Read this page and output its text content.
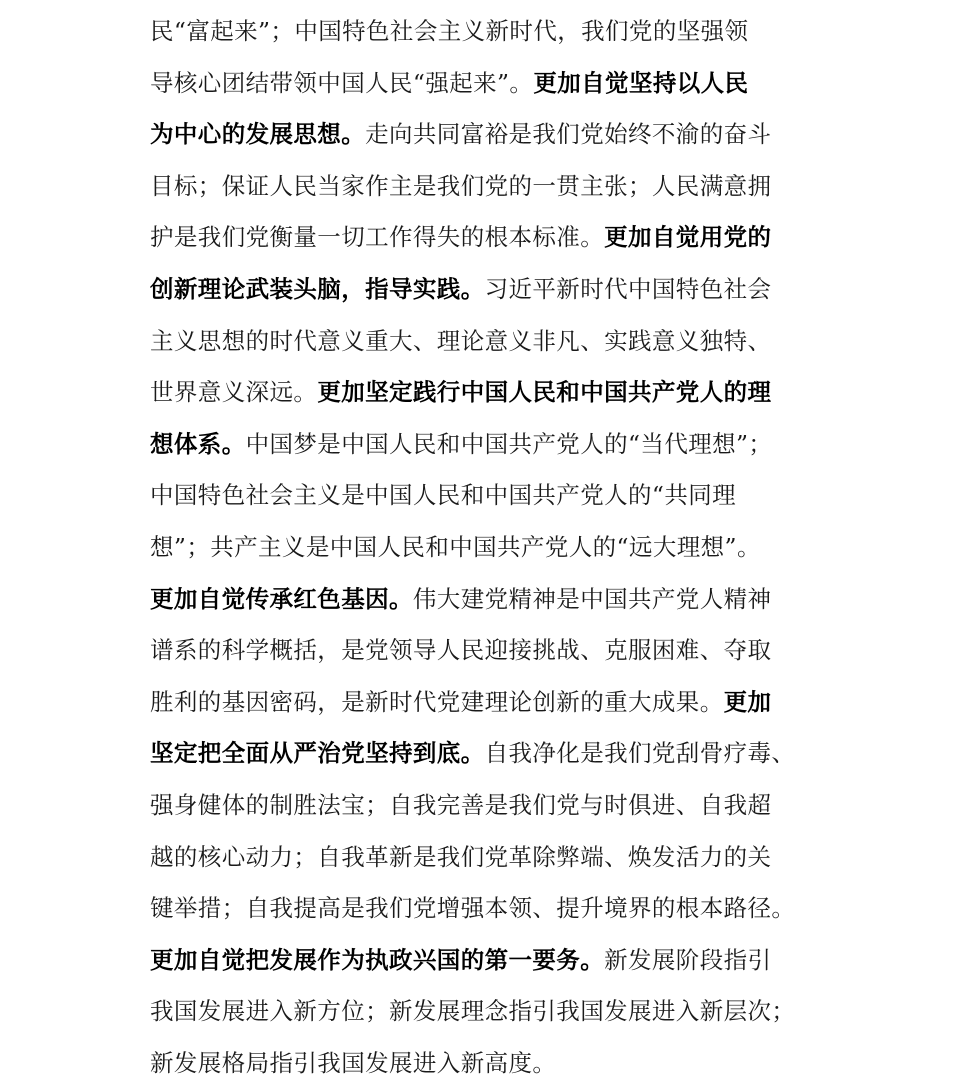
民“富起来”；中国特色社会主义新时代，我们党的坚强领
导核心团结带领中国人民“强起来”。更加自觉坚持以人民
为中心的发展思想。走向共同富裕是我们党始终不渝的奋斗
目标；保证人民当家作主是我们党的一贯主张；人民满意拥
护是我们党衡量一切工作得失的根本标准。更加自觉用党的
创新理论武装头脑，指导实践。习近平新时代中国特色社会
主义思想的时代意义重大、理论意义非凡、实践意义独特、
世界意义深远。更加坚定践行中国人民和中国共产党人的理
想体系。中国梦是中国人民和中国共产党人的“当代理想”；
中国特色社会主义是中国人民和中国共产党人的“共同理
想”；共产主义是中国人民和中国共产党人的“远大理想”。
更加自觉传承红色基因。伟大建党精神是中国共产党人精神
谱系的科学概括，是党领导人民迎接挑战、克服困难、夺取
胜利的基因密码，是新时代党建理论创新的重大成果。更加
坚定把全面从严治党坚持到底。自我净化是我们党刮骨疗毒、
强身健体的制胜法宝；自我完善是我们党与时俱进、自我超
越的核心动力；自我革新是我们党革除弊端、焕发活力的关
键举措；自我提高是我们党增强本领、提升境界的根本路径。
更加自觉把发展作为执政兴国的第一要务。新发展阶段指引
我国发展进入新方位；新发展理念指引我国发展进入新层次；
新发展格局指引我国发展进入新高度。
